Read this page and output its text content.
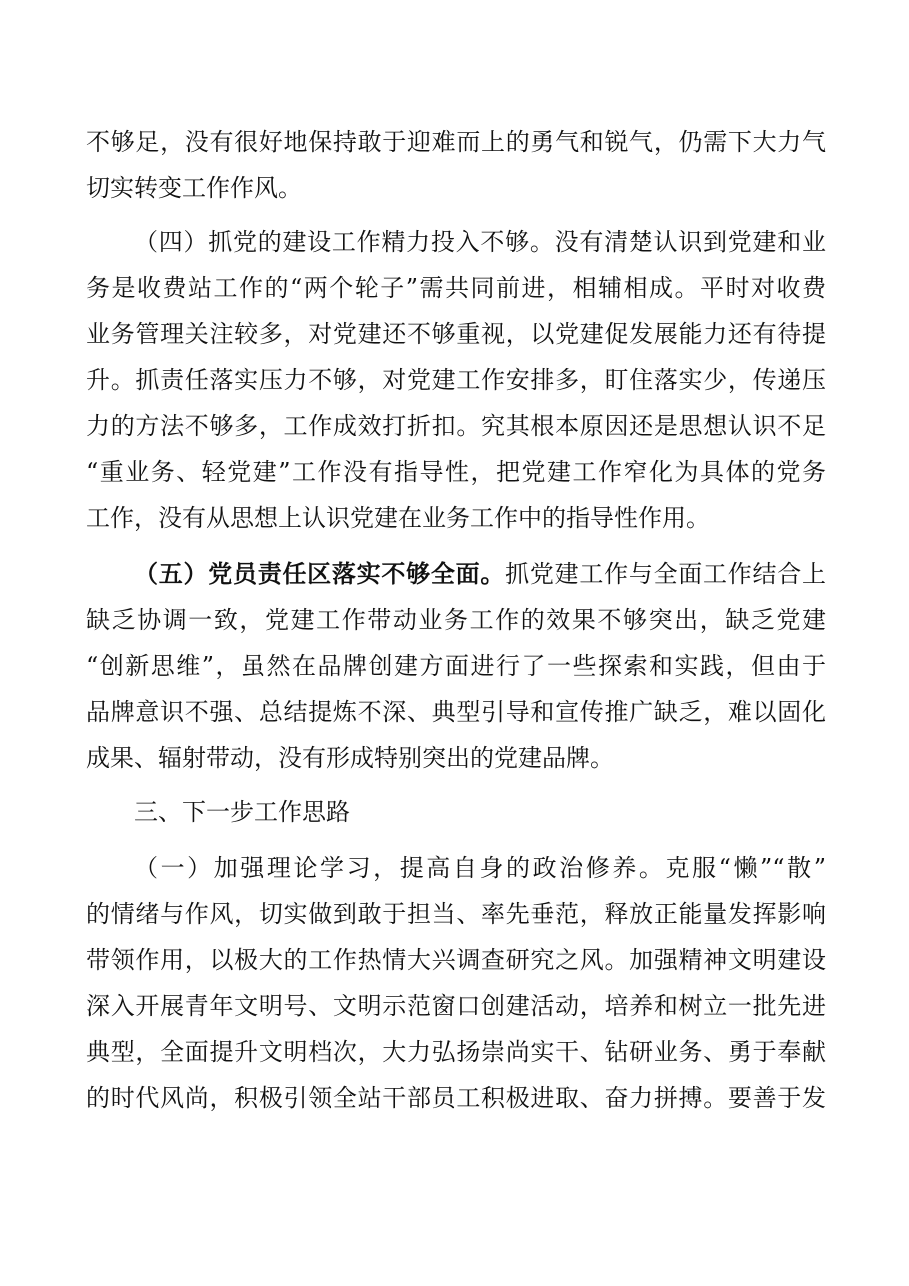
不够足，没有很好地保持敢于迎难而上的勇气和锐气，仍需下大力气
切实转变工作作风。
（四）抓党的建设工作精力投入不够。没有清楚认识到党建和业
务是收费站工作的“两个轮子”需共同前进，相辅相成。平时对收费
业务管理关注较多，对党建还不够重视，以党建促发展能力还有待提
升。抓责任落实压力不够，对党建工作安排多，盯住落实少，传递压
力的方法不够多，工作成效打折扣。究其根本原因还是思想认识不足
“重业务、轻党建”工作没有指导性，把党建工作窄化为具体的党务
工作，没有从思想上认识党建在业务工作中的指导性作用。
（五）党员责任区落实不够全面。抓党建工作与全面工作结合上
缺乏协调一致，党建工作带动业务工作的效果不够突出，缺乏党建
“创新思维”，虽然在品牌创建方面进行了一些探索和实践，但由于
品牌意识不强、总结提炼不深、典型引导和宣传推广缺乏，难以固化
成果、辐射带动，没有形成特别突出的党建品牌。
三、下一步工作思路
（一）加强理论学习，提高自身的政治修养。克服“懒”“散”
的情绪与作风，切实做到敢于担当、率先垂范，释放正能量发挥影响
带领作用，以极大的工作热情大兴调查研究之风。加强精神文明建设
深入开展青年文明号、文明示范窗口创建活动，培养和树立一批先进
典型，全面提升文明档次，大力弘扬崇尚实干、钻研业务、勇于奉献
的时代风尚，积极引领全站干部员工积极进取、奋力拼搏。要善于发
